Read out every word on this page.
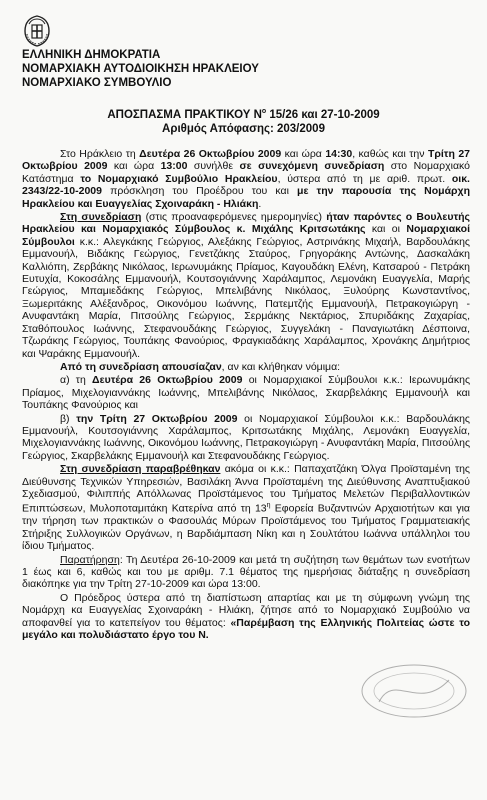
ΕΛΛΗΝΙΚΗ ΔΗΜΟΚΡΑΤΙΑ
ΝΟΜΑΡΧΙΑΚΗ ΑΥΤΟΔΙΟΙΚΗΣΗ ΗΡΑΚΛΕΙΟΥ
ΝΟΜΑΡΧΙΑΚΟ ΣΥΜΒΟΥΛΙΟ
ΑΠΟΣΠΑΣΜΑ ΠΡΑΚΤΙΚΟΥ $N^o$ 15/26 και 27-10-2009
Αριθμός Απόφασης: 203/2009

Στο Ηράκλειο τη Δευτέρα 26 Οκτωβρίου 2009 και ώρα 14:30, καθώς και την Τρίτη 27 Οκτωβρίου 2009 και ώρα 13:00 συνήλθε σε συνεχόμενη συνεδρίαση στο Νομαρχιακό Κατάστημα το Νομαρχιακό Συμβούλιο Ηρακλείου, ύστερα από τη με αριθ. πρωτ. οικ. 2343/22-10-2009 πρόσκληση του Προέδρου του και με την παρουσία της Νομάρχη Ηρακλείου και Ευαγγελίας Σχοιναράκη - Ηλιάκη.

Στη συνεδρίαση (στις προαναφερόμενες ημερομηνίες) ήταν παρόντες ο Βουλευτής Ηρακλείου και Νομαρχιακός Σύμβουλος κ. Μιχάλης Κριτσωτάκης και οι Νομαρχιακοί Σύμβουλοι κ.κ.: Αλεγκάκης Γεώργιος, Αλεξάκης Γεώργιος, Αστρινάκης Μιχαήλ, Βαρδουλάκης Εμμανουήλ, Βιδάκης Γεώργιος, Γενετζάκης Σταύρος, Γρηγοράκης Αντώνης, Δασκαλάκη Καλλιόπη, Ζερβάκης Νικόλαος, Ιερωνυμάκης Πρίαμος, Καγουδάκη Ελένη, Κατσαρού - Πετράκη Ευτυχία, Κοκοσάλης Εμμανουήλ, Κουτσογιάννης Χαράλαμπος, Λεμονάκη Ευαγγελία, Μαρής Γεώργιος, Μπαμιεδάκης Γεώργιος, Μπελιβάνης Νικόλαος, Ξυλούρης Κωνσταντίνος, Ξωμεριτάκης Αλέξανδρος, Οικονόμου Ιωάννης, Πατεμτζής Εμμανουήλ, Πετρακογιώργη - Ανυφαντάκη Μαρία, Πιτσούλης Γεώργιος, Σερμάκης Νεκτάριος, Σπυριδάκης Ζαχαρίας, Σταθόπουλος Ιωάννης, Στεφανουδάκης Γεώργιος, Συγγελάκη - Παναγιωτάκη Δέσποινα, Τζωράκης Γεώργιος, Τουπάκης Φανούριος, Φραγκιαδάκης Χαράλαμπος, Χρονάκης Δημήτριος και Ψαράκης Εμμανουήλ.

Από τη συνεδρίαση απουσίαζαν, αν και κλήθηκαν νόμιμα:

α) τη Δευτέρα 26 Οκτωβρίου 2009 οι Νομαρχιακοί Σύμβουλοι κ.κ.: Ιερωνυμάκης Πρίαμος, Μιχελογιαννάκης Ιωάννης, Μπελιβάνης Νικόλαος, Σκαρβελάκης Εμμανουήλ και Τουπάκης Φανούριος και

β) την Τρίτη 27 Οκτωβρίου 2009 οι Νομαρχιακοί Σύμβουλοι κ.κ.: Βαρδουλάκης Εμμανουήλ, Κουτσογιάννης Χαράλαμπος, Κριτσωτάκης Μιχάλης, Λεμονάκη Ευαγγελία, Μιχελογιαννάκης Ιωάννης, Οικονόμου Ιωάννης, Πετρακογιώργη - Ανυφαντάκη Μαρία, Πιτσούλης Γεώργιος, Σκαρβελάκης Εμμανουήλ και Στεφανουδάκης Γεώργιος.

Στη συνεδρίαση παραβρέθηκαν ακόμα οι κ.κ.: Παπαχατζάκη Όλγα Προϊσταμένη της Διεύθυνσης Τεχνικών Υπηρεσιών, Βασιλάκη Άννα Προϊσταμένη της Διεύθυνσης Αναπτυξιακού Σχεδιασμού, Φιλιππής Απόλλωνας Προϊστάμενος του Τμήματος Μελετών Περιβαλλοντικών Επιπτώσεων, Μυλοποταμιτάκη Κατερίνα από τη $13^\eta$ Εφορεία Βυζαντινών Αρχαιοτήτων και για την τήρηση των πρακτικών ο Φασουλάς Μύρων Προϊστάμενος του Τμήματος Γραμματειακής Στήριξης Συλλογικών Οργάνων, η Βαρδιάμπαση Νίκη και η Σουλτάτου Ιωάννα υπάλληλοι του ίδιου Τμήματος.

Παρατήρηση: Τη Δευτέρα 26-10-2009 και μετά τη συζήτηση των θεμάτων των ενοτήτων 1 έως και 6, καθώς και του με αριθμ. 7.1 θέματος της ημερήσιας διάταξης η συνεδρίαση διακόπηκε για την Τρίτη 27-10-2009 και ώρα 13:00.

Ο Πρόεδρος ύστερα από τη διαπίστωση απαρτίας και με τη σύμφωνη γνώμη της Νομάρχη κα Ευαγγελίας Σχοιναράκη - Ηλιάκη, ζήτησε από το Νομαρχιακό Συμβούλιο να αποφανθεί για το κατεπείγον του θέματος: «Παρέμβαση της Ελληνικής Πολιτείας ώστε το μεγάλο και πολυδιάστατο έργο του Ν.
